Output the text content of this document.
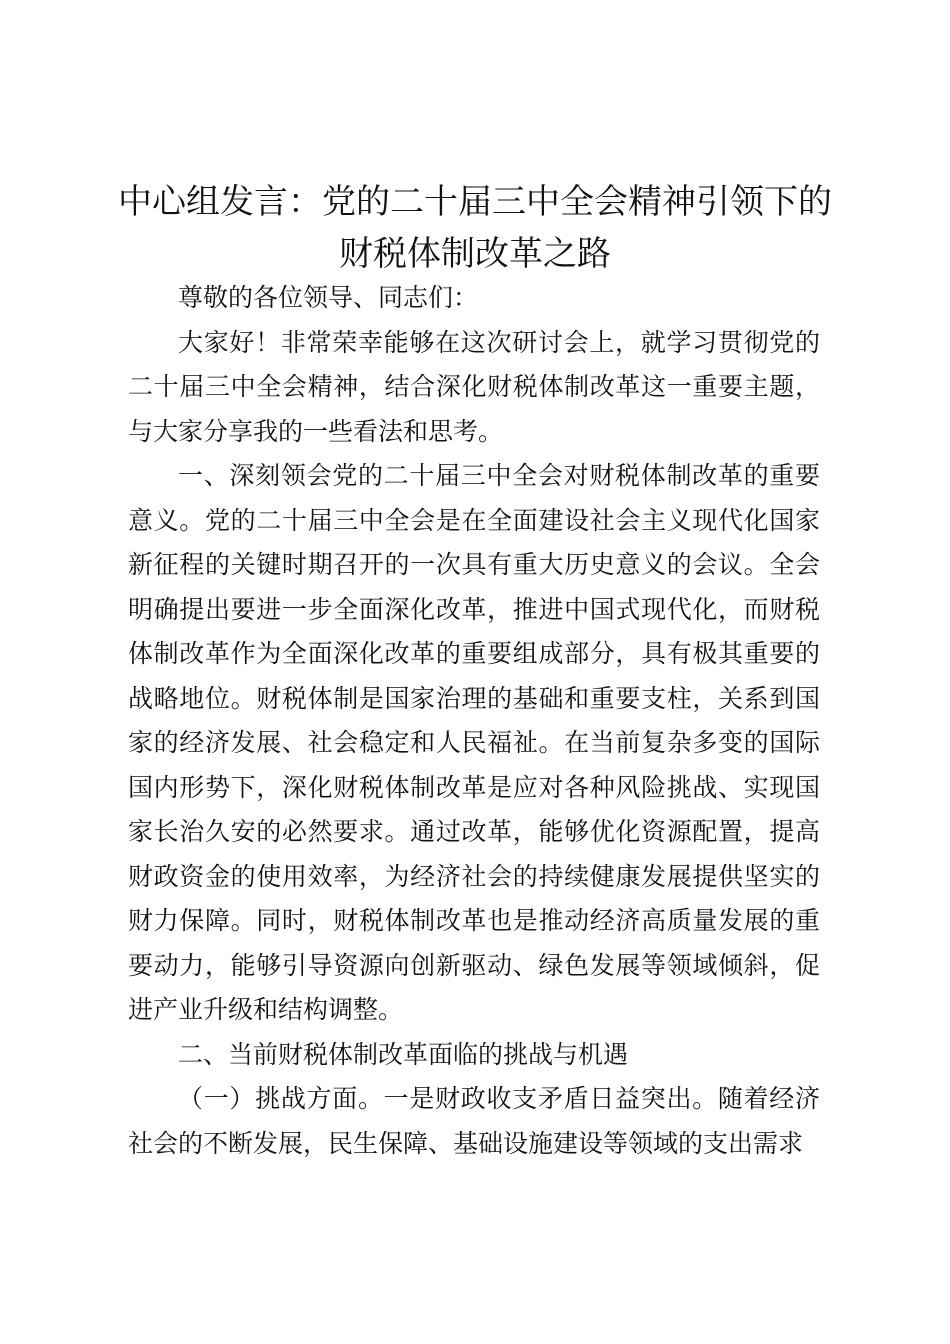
中心组发言：党的二十届三中全会精神引领下的财税体制改革之路

尊敬的各位领导、同志们：

大家好！非常荣幸能够在这次研讨会上，就学习贯彻党的二十届三中全会精神，结合深化财税体制改革这一重要主题，与大家分享我的一些看法和思考。

一、深刻领会党的二十届三中全会对财税体制改革的重要意义。党的二十届三中全会是在全面建设社会主义现代化国家新征程的关键时期召开的一次具有重大历史意义的会议。全会明确提出要进一步全面深化改革，推进中国式现代化，而财税体制改革作为全面深化改革的重要组成部分，具有极其重要的战略地位。财税体制是国家治理的基础和重要支柱，关系到国家的经济发展、社会稳定和人民福祉。在当前复杂多变的国际国内形势下，深化财税体制改革是应对各种风险挑战、实现国家长治久安的必然要求。通过改革，能够优化资源配置，提高财政资金的使用效率，为经济社会的持续健康发展提供坚实的财力保障。同时，财税体制改革也是推动经济高质量发展的重要动力，能够引导资源向创新驱动、绿色发展等领域倾斜，促进产业升级和结构调整。

二、当前财税体制改革面临的挑战与机遇

（一）挑战方面。一是财政收支矛盾日益突出。随着经济社会的不断发展，民生保障、基础设施建设等领域的支出需求
